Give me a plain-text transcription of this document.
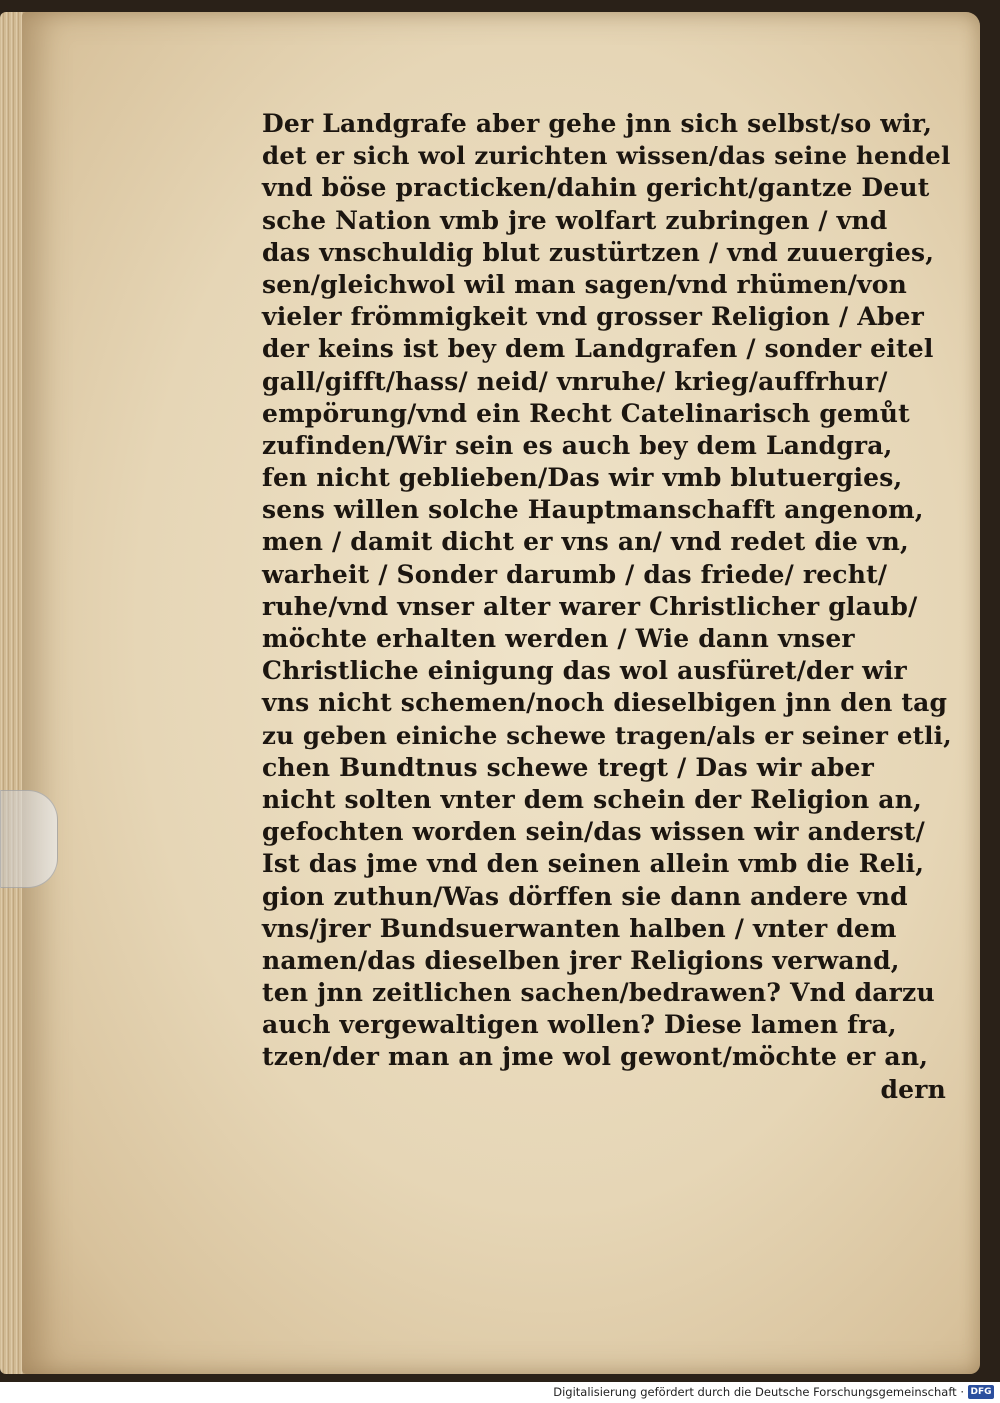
Der Landgrafe aber gehe jnn sich selbst/so wir,
det er sich wol zurichten wissen/das seine hendel
vnd böse practicken/dahin gericht/gantze Deut
sche Nation vmb jre wolfart zubringen / vnd
das vnschuldig blut zustürtzen / vnd zuuergies,
sen/gleichwol wil man sagen/vnd rhümen/von
vieler frömmigkeit vnd grosser Religion / Aber
der keins ist bey dem Landgrafen / sonder eitel
gall/gifft/hass/ neid/ vnruhe/ krieg/auffrhur/
empörung/vnd ein Recht Catelinarisch gemůt
zufinden/Wir sein es auch bey dem Landgra,
fen nicht geblieben/Das wir vmb blutuergies,
sens willen solche Hauptmanschafft angenom,
men / damit dicht er vns an/ vnd redet die vn,
warheit / Sonder darumb / das friede/ recht/
ruhe/vnd vnser alter warer Christlicher glaub/
möchte erhalten werden / Wie dann vnser
Christliche einigung das wol ausfüret/der wir
vns nicht schemen/noch dieselbigen jnn den tag
zu geben einiche schewe tragen/als er seiner etli,
chen Bundtnus schewe tregt / Das wir aber
nicht solten vnter dem schein der Religion an,
gefochten worden sein/das wissen wir anderst/
Ist das jme vnd den seinen allein vmb die Reli,
gion zuthun/Was dörffen sie dann andere vnd
vns/jrer Bundsuerwanten halben / vnter dem
namen/das dieselben jrer Religions verwand,
ten jnn zeitlichen sachen/bedrawen? Vnd darzu
auch vergewaltigen wollen? Diese lamen fra,
tzen/der man an jme wol gewont/möchte er an,
dern
Digitalisierung gefördert durch die Deutsche Forschungsgemeinschaft · DFG
